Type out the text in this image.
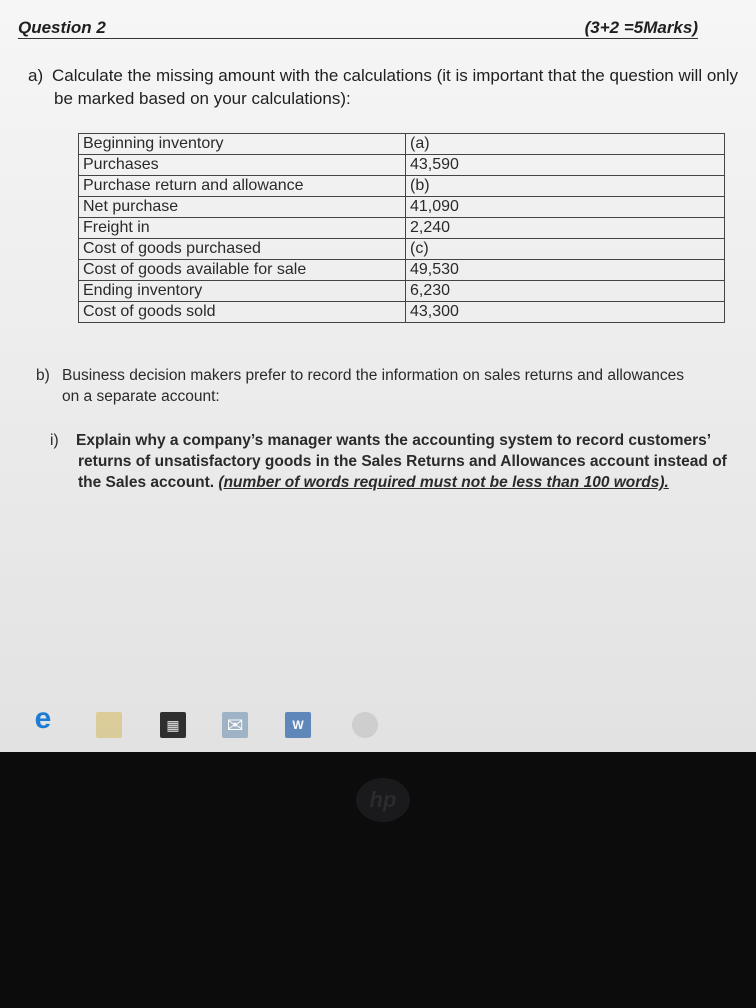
Question 2	(3+2 =5Marks)
a) Calculate the missing amount with the calculations (it is important that the question will only
be marked based on your calculations):
Beginning inventory	(a)
Purchases	43,590
Purchase return and allowance	(b)
Net purchase	41,090
Freight in	2,240
Cost of goods purchased	(c)
Cost of goods available for sale	49,530
Ending inventory	6,230
Cost of goods sold	43,300
b) Business decision makers prefer to record the information on sales returns and allowances
on a separate account:
i) Explain why a company’s manager wants the accounting system to record customers’
returns of unsatisfactory goods in the Sales Returns and Allowances account instead of
the Sales account. (number of words required must not be less than 100 words).
e	▦ ✉	W
hp
